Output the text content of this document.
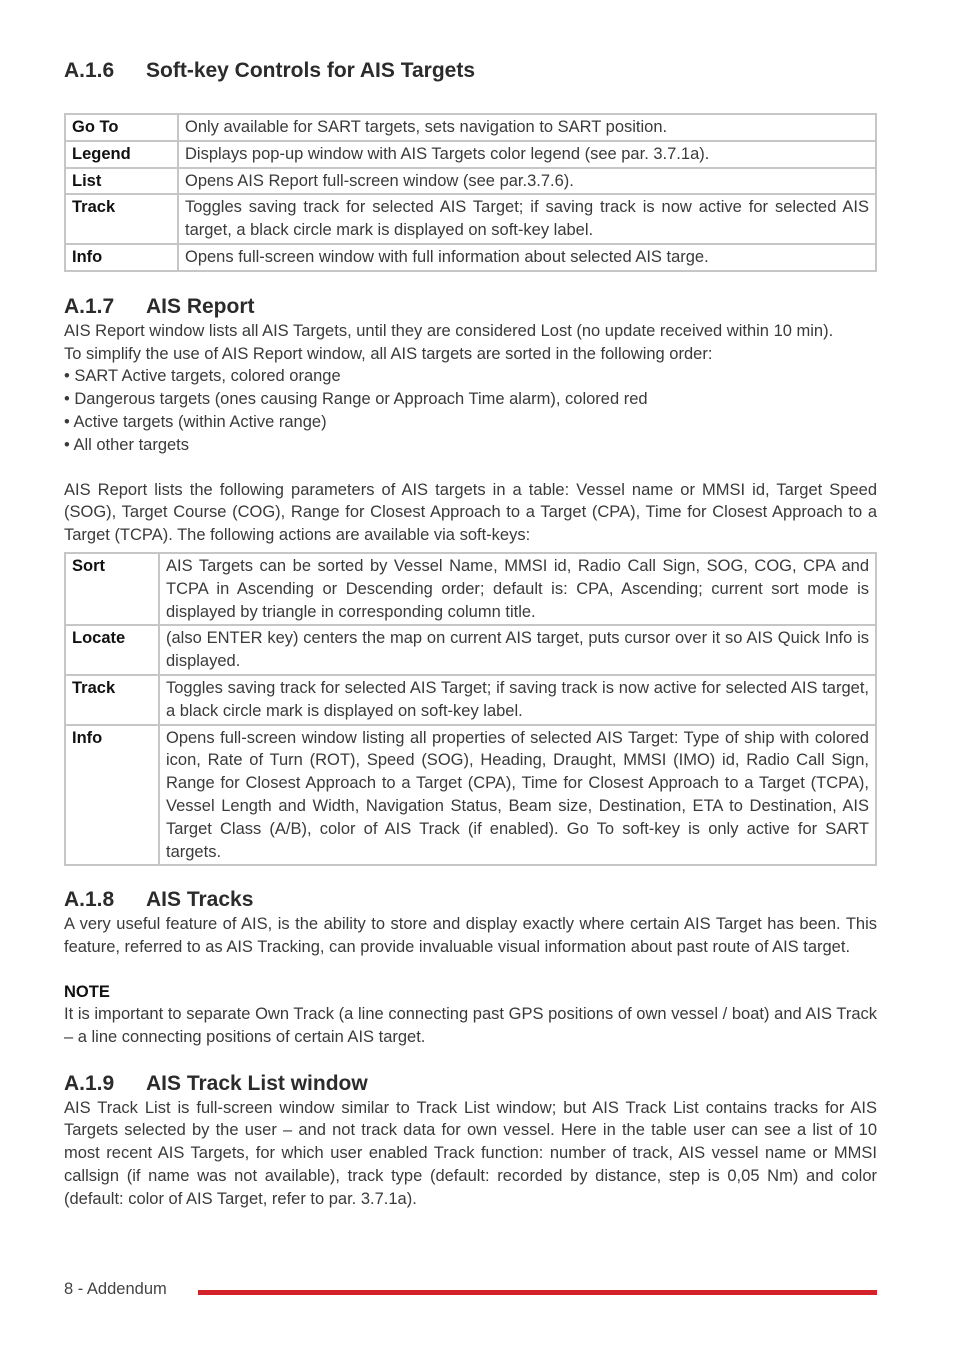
A.1.6 Soft-key Controls for AIS Targets
Go To	Only available for SART targets, sets navigation to SART position.
Legend	Displays pop-up window with AIS Targets color legend (see par. 3.7.1a).
List	Opens AIS Report full-screen window (see par.3.7.6).
Track	Toggles saving track for selected AIS Target; if saving track is now active for selected AIS target, a black circle mark is displayed on soft-key label.
Info	Opens full-screen window with full information about selected AIS targe.
A.1.7 AIS Report

AIS Report window lists all AIS Targets, until they are considered Lost (no update received within 10 min).

To simplify the use of AIS Report window, all AIS targets are sorted in the following order:

• SART Active targets, colored orange
• Dangerous targets (ones causing Range or Approach Time alarm), colored red
• Active targets (within Active range)
• All other targets

AIS Report lists the following parameters of AIS targets in a table: Vessel name or MMSI id, Target Speed (SOG), Target Course (COG), Range for Closest Approach to a Target (CPA), Time for Closest Approach to a Target (TCPA). The following actions are available via soft-keys:

Sort	AIS Targets can be sorted by Vessel Name, MMSI id, Radio Call Sign, SOG, COG, CPA and TCPA in Ascending or Descending order; default is: CPA, Ascending; current sort mode is displayed by triangle in corresponding column title.
Locate	(also ENTER key) centers the map on current AIS target, puts cursor over it so AIS Quick Info is displayed.
Track	Toggles saving track for selected AIS Target; if saving track is now active for selected AIS target, a black circle mark is displayed on soft-key label.
Info	Opens full-screen window listing all properties of selected AIS Target: Type of ship with colored icon, Rate of Turn (ROT), Speed (SOG), Heading, Draught, MMSI (IMO) id, Radio Call Sign, Range for Closest Approach to a Target (CPA), Time for Closest Approach to a Target (TCPA), Vessel Length and Width, Navigation Status, Beam size, Destination, ETA to Destination, AIS Target Class (A/B), color of AIS Track (if enabled). Go To soft-key is only active for SART targets.
A.1.8 AIS Tracks

A very useful feature of AIS, is the ability to store and display exactly where certain AIS Target has been. This feature, referred to as AIS Tracking, can provide invaluable visual information about past route of AIS target.

NOTE

It is important to separate Own Track (a line connecting past GPS positions of own vessel / boat) and AIS Track – a line connecting positions of certain AIS target.

A.1.9 AIS Track List window

AIS Track List is full-screen window similar to Track List window; but AIS Track List contains tracks for AIS Targets selected by the user – and not track data for own vessel. Here in the table user can see a list of 10 most recent AIS Targets, for which user enabled Track function: number of track, AIS vessel name or MMSI callsign (if name was not available), track type (default: recorded by distance, step is 0,05 Nm) and color (default: color of AIS Target, refer to par. 3.7.1a).

8 - Addendum
